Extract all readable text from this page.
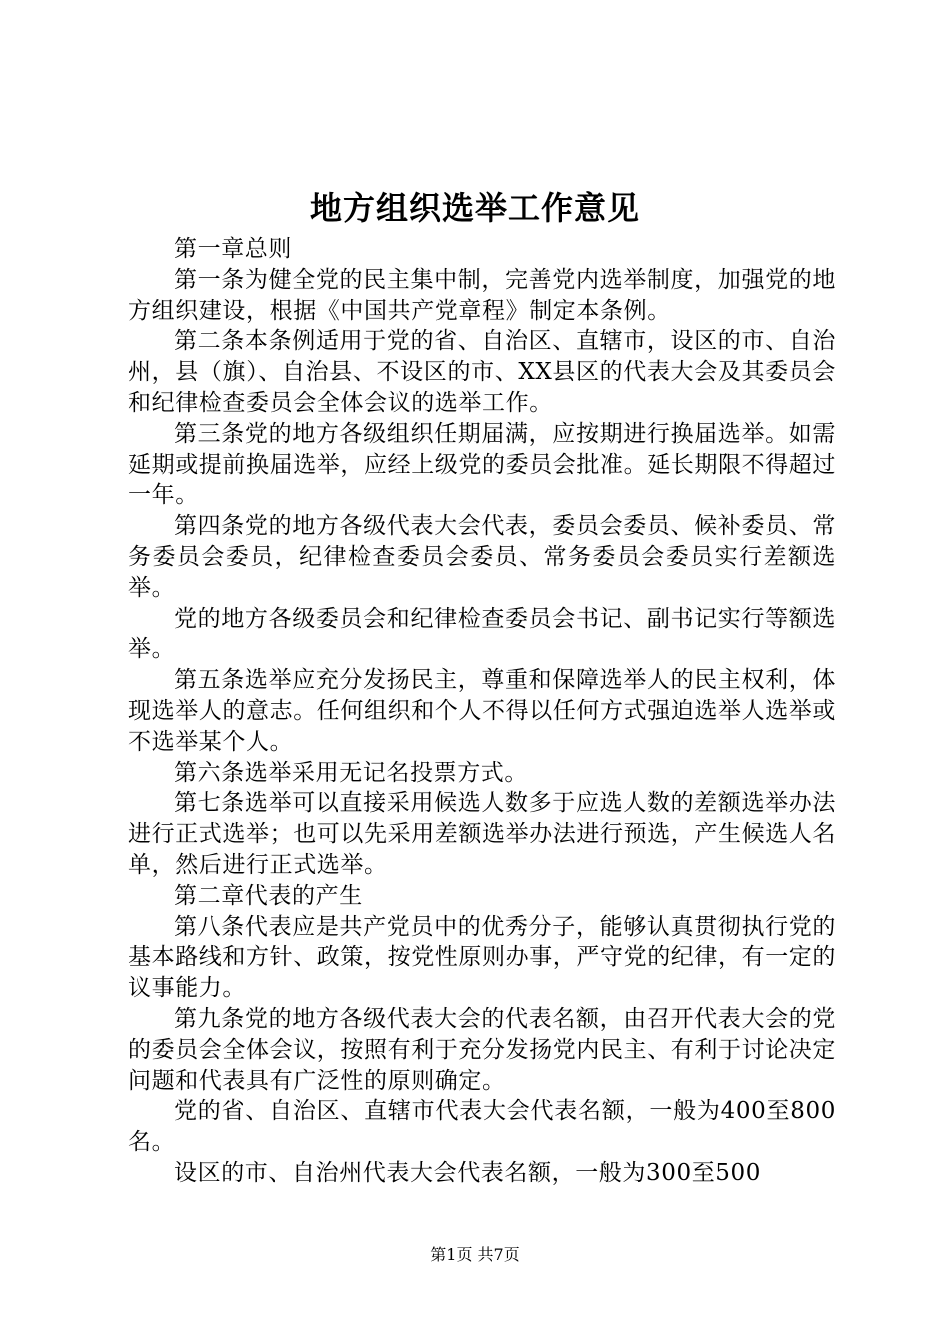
地方组织选举工作意见

第一章总则

第一条为健全党的民主集中制，完善党内选举制度，加强党的地方组织建设，根据《中国共产党章程》制定本条例。

第二条本条例适用于党的省、自治区、直辖市，设区的市、自治州，县（旗）、自治县、不设区的市、XX县区的代表大会及其委员会和纪律检查委员会全体会议的选举工作。

第三条党的地方各级组织任期届满，应按期进行换届选举。如需延期或提前换届选举，应经上级党的委员会批准。延长期限不得超过一年。

第四条党的地方各级代表大会代表，委员会委员、候补委员、常务委员会委员，纪律检查委员会委员、常务委员会委员实行差额选举。

党的地方各级委员会和纪律检查委员会书记、副书记实行等额选举。

第五条选举应充分发扬民主，尊重和保障选举人的民主权利，体现选举人的意志。任何组织和个人不得以任何方式强迫选举人选举或不选举某个人。

第六条选举采用无记名投票方式。

第七条选举可以直接采用候选人数多于应选人数的差额选举办法进行正式选举；也可以先采用差额选举办法进行预选，产生候选人名单，然后进行正式选举。

第二章代表的产生

第八条代表应是共产党员中的优秀分子，能够认真贯彻执行党的基本路线和方针、政策，按党性原则办事，严守党的纪律，有一定的议事能力。

第九条党的地方各级代表大会的代表名额，由召开代表大会的党的委员会全体会议，按照有利于充分发扬党内民主、有利于讨论决定问题和代表具有广泛性的原则确定。

党的省、自治区、直辖市代表大会代表名额，一般为400至800名。

设区的市、自治州代表大会代表名额，一般为300至500

第1页 共7页
